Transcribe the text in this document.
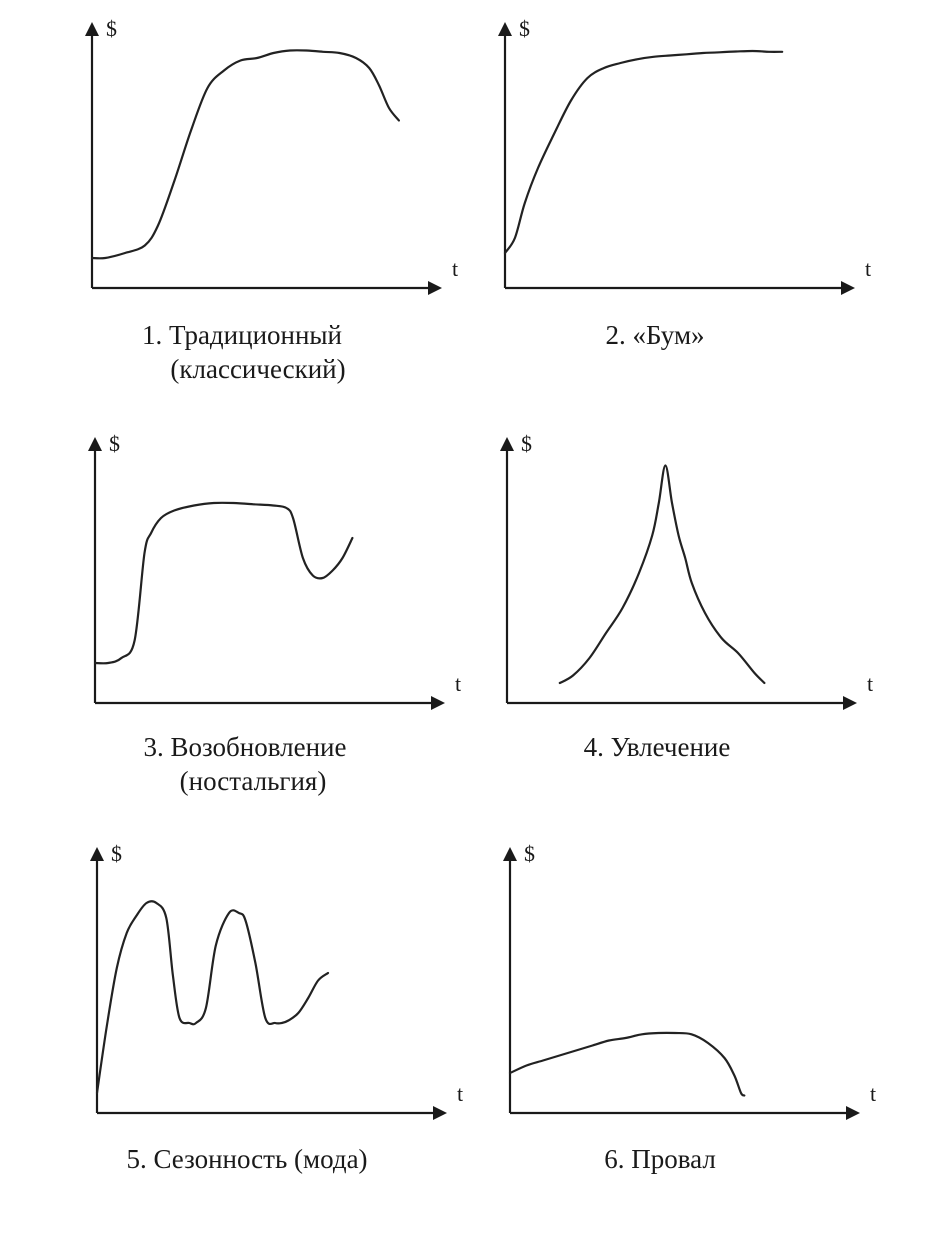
$
t
1. Традиционный
(классический)
$
t
2. «Бум»
$
t
3. Возобновление
(ностальгия)
$
t
4. Увлечение
$
t
5. Сезонность (мода)
$
t
6. Провал
